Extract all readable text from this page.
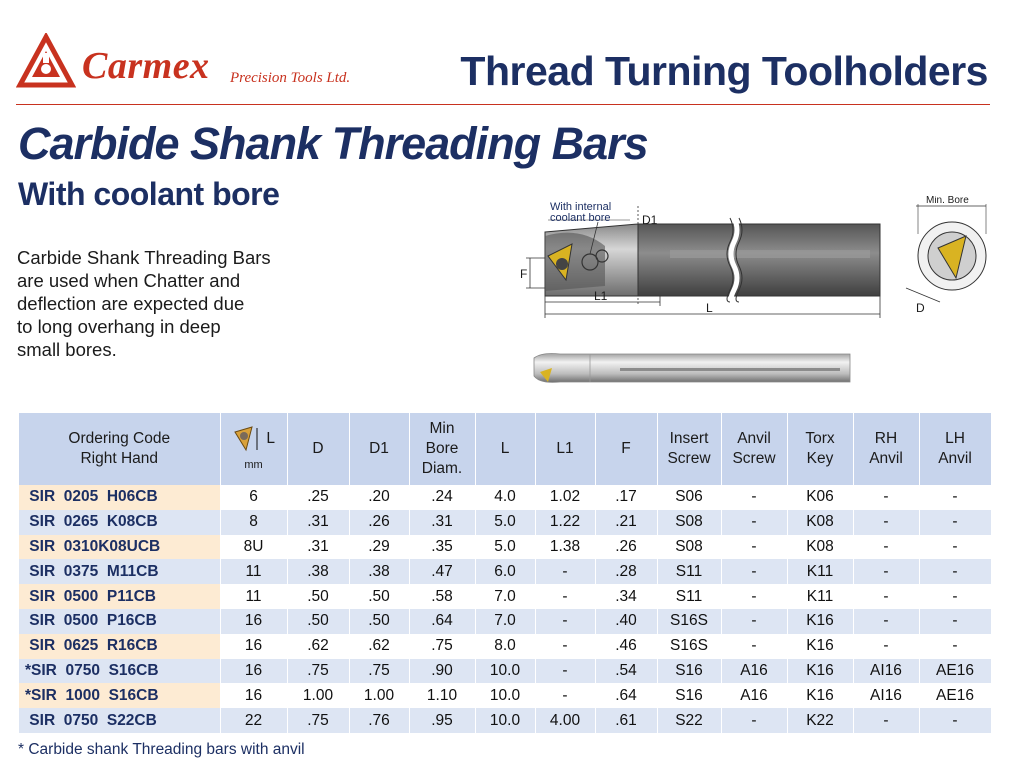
Carmex Precision Tools Ltd.	Thread Turning Toolholders
Carbide Shank Threading Bars
With coolant bore
Carbide Shank Threading Bars
are used when Chatter and
deflection are expected due
to long overhang in deep
small bores.
With internal
coolant bore	D1
F
L1
L
Min. Bore
D
Ordering Code
Right Hand	L
mm	D	D1	Min
Bore
Diam.	L	L1	F	Insert
Screw	Anvil
Screw	Torx
Key	RH
Anvil	LH
Anvil
SIR  0205  H06CB	6	.25	.20	.24	4.0	1.02	.17	S06	-	K06	-	-
SIR  0265  K08CB	8	.31	.26	.31	5.0	1.22	.21	S08	-	K08	-	-
SIR  0310K08UCB	8U	.31	.29	.35	5.0	1.38	.26	S08	-	K08	-	-
SIR  0375  M11CB	11	.38	.38	.47	6.0	-	.28	S11	-	K11	-	-
SIR  0500  P11CB	11	.50	.50	.58	7.0	-	.34	S11	-	K11	-	-
SIR  0500  P16CB	16	.50	.50	.64	7.0	-	.40	S16S	-	K16	-	-
SIR  0625  R16CB	16	.62	.62	.75	8.0	-	.46	S16S	-	K16	-	-
*SIR  0750  S16CB	16	.75	.75	.90	10.0	-	.54	S16	A16	K16	AI16	AE16
*SIR  1000  S16CB	16	1.00	1.00	1.10	10.0	-	.64	S16	A16	K16	AI16	AE16
SIR  0750  S22CB	22	.75	.76	.95	10.0	4.00	.61	S22	-	K22	-	-
* Carbide shank Threading bars with anvil
